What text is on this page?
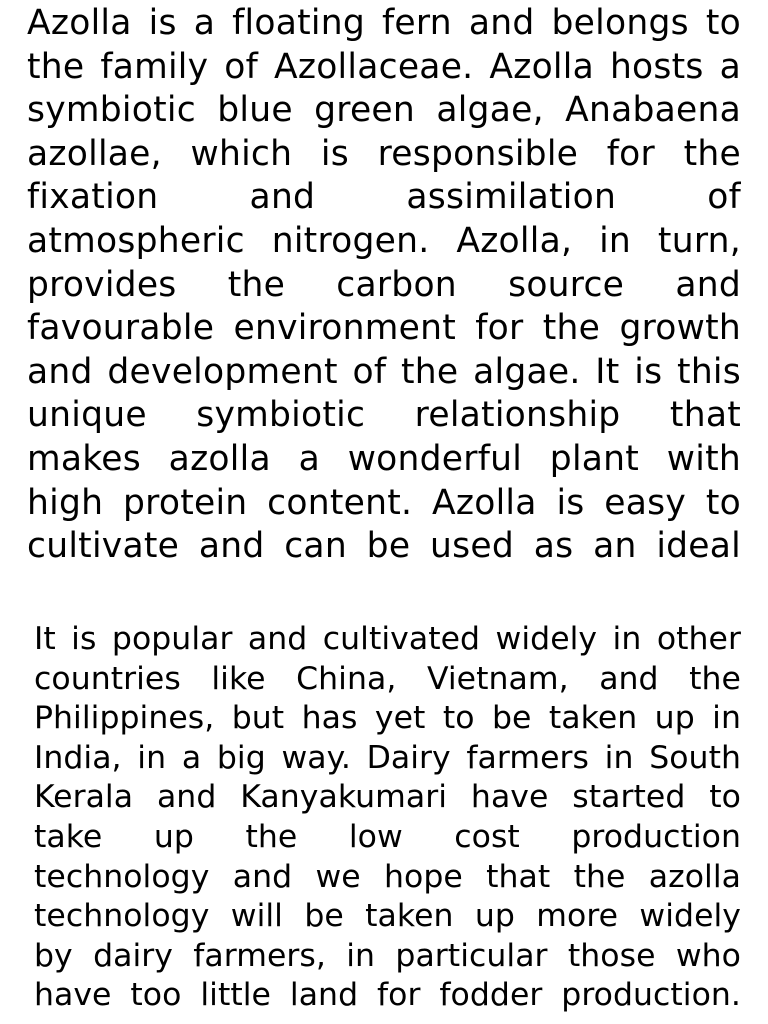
Azolla is a floating fern and belongs to
the family of Azollaceae. Azolla hosts a
symbiotic blue green algae, Anabaena
azollae, which is responsible for the
fixation and assimilation of
atmospheric nitrogen. Azolla, in turn,
provides the carbon source and
favourable environment for the growth
and development of the algae. It is this
unique symbiotic relationship that
makes azolla a wonderful plant with
high protein content. Azolla is easy to
cultivate and can be used as an ideal
It is popular and cultivated widely in other
countries like China, Vietnam, and the
Philippines, but has yet to be taken up in
India, in a big way. Dairy farmers in South
Kerala and Kanyakumari have started to
take up the low cost production
technology and we hope that the azolla
technology will be taken up more widely
by dairy farmers, in particular those who
have too little land for fodder production.
